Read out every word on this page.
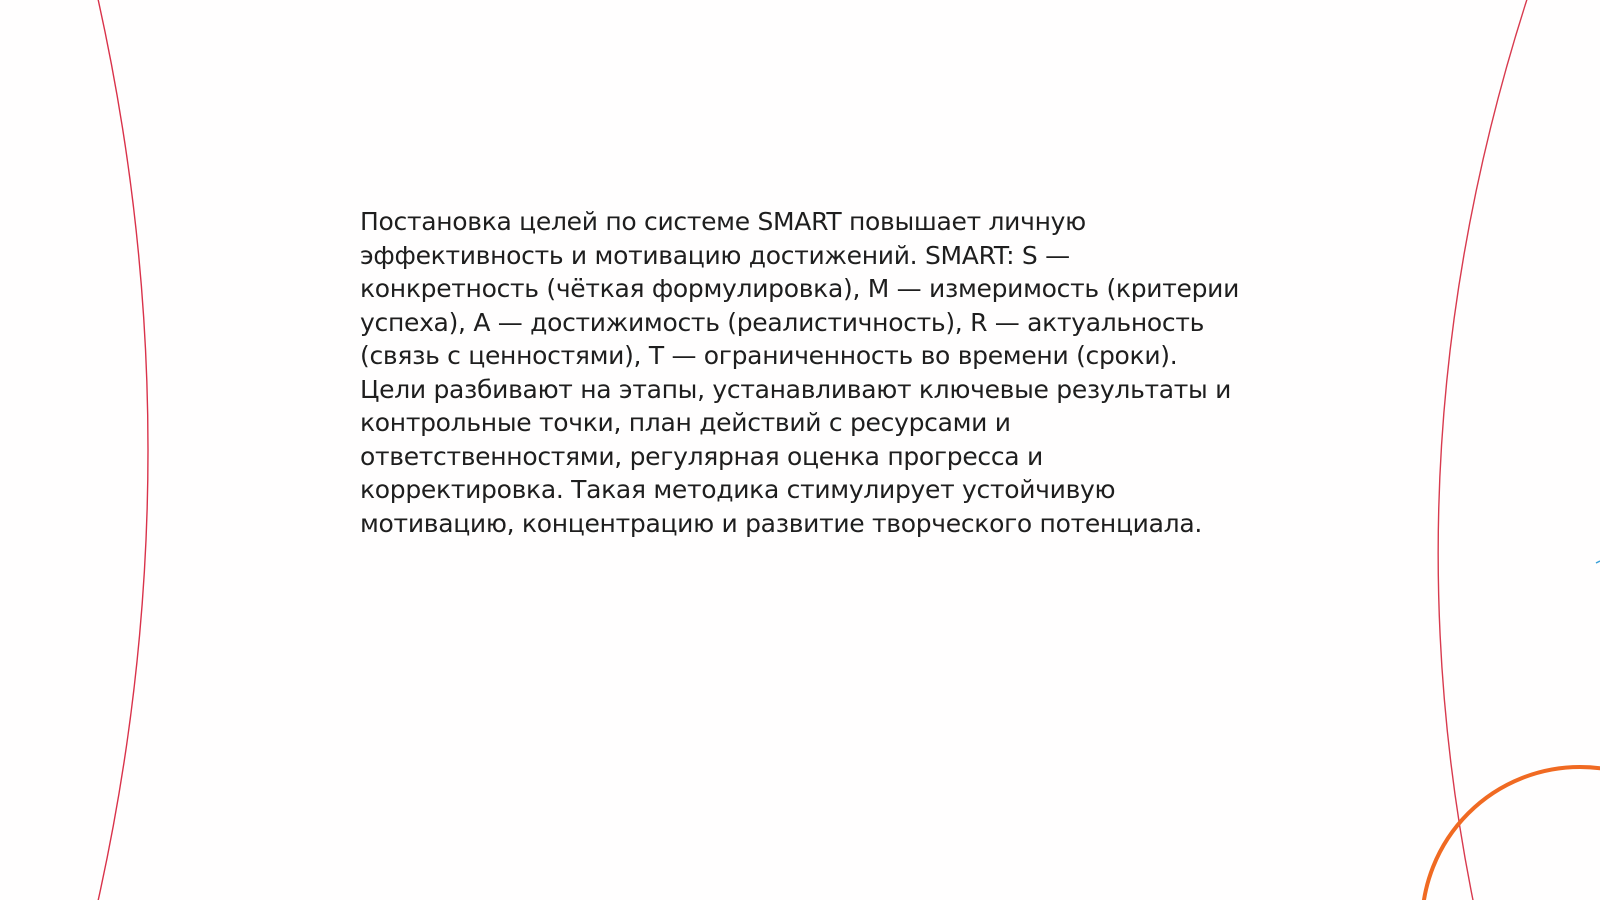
Постановка целей по системе SMART повышает личную эффективность и мотивацию достижений. SMART: S — конкретность (чёткая формулировка), M — измеримость (критерии успеха), A — достижимость (реалистичность), R — актуальность (связь с ценностями), T — ограниченность во времени (сроки). Цели разбивают на этапы, устанавливают ключевые результаты и контрольные точки, план действий с ресурсами и ответственностями, регулярная оценка прогресса и корректировка. Такая методика стимулирует устойчивую мотивацию, концентрацию и развитие творческого потенциала.
